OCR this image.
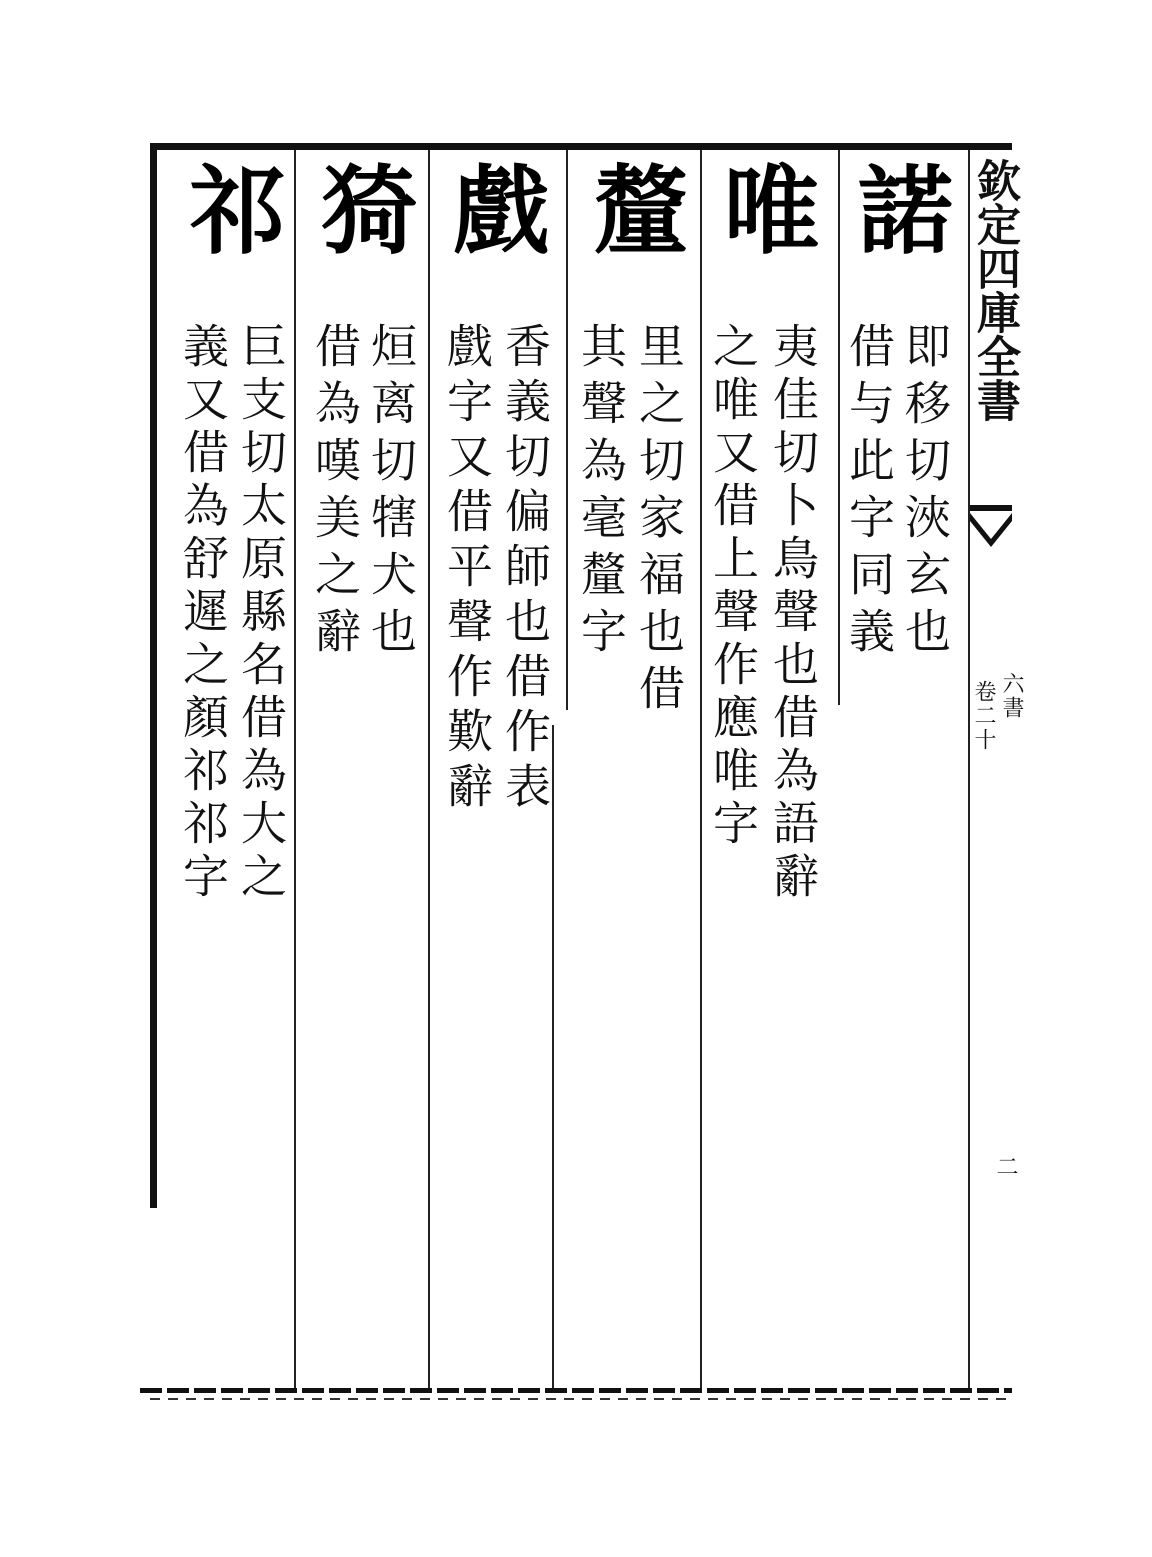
欽定四庫全書
六書
卷二十
二
諾
即移切浹玄也
借与此字同義
唯
夷佳切卜鳥聲也借為語辭
之唯又借上聲作應唯字
釐
里之切家福也借
其聲為毫釐字
戲
香義切偏師也借作表
戲字又借平聲作歎辭
猗
烜离切犗犬也
借為嘆美之辭
祁
巨支切太原縣名借為大之
義又借為舒遲之顏祁祁字
